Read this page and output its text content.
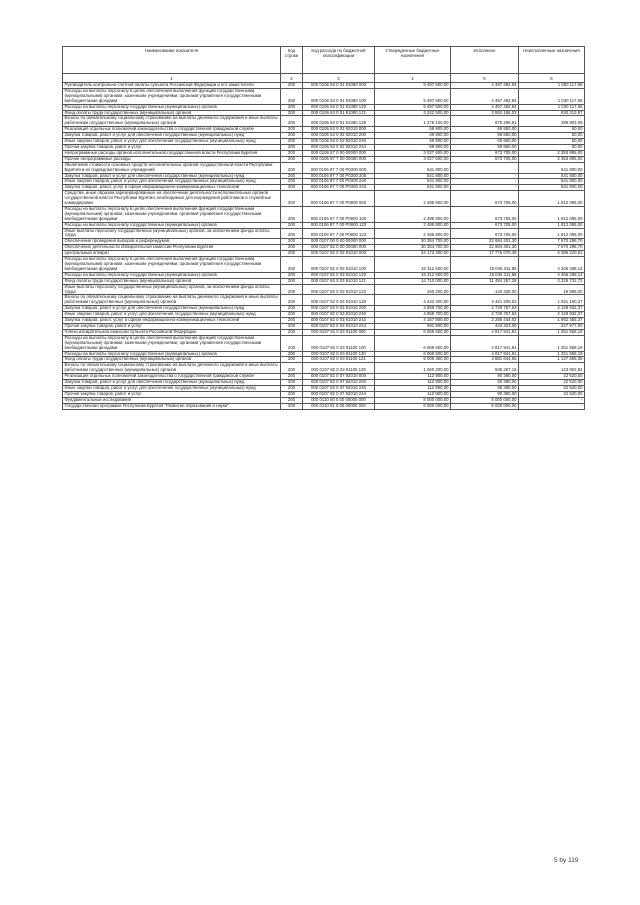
Наименование показателя	Код строки	Код расхода по бюджетной классификации	Утвержденные бюджетные назначения	Исполнено	Неисполненные назначения
1	2	3	4	5	6
Руководитель контрольно-счетной палаты субъекта Российской Федерации и его заместители	200	000 0106 63 0 01 91080 000	5 497 600,00	4 487 482,94	1 050 117,06
Расходы на выплаты персоналу в целях обеспечения выполнения функций государственными (муниципальными) органами, казенными учреждениями, органами управления государственными внебюджетными фондами	200	000 0106 63 0 01 91080 100	5 497 600,00	4 467 482,94	1 030 117,06
Расходы на выплаты персоналу государственных (муниципальных) органов	200	000 0106 63 0 01 91080 120	5 497 600,00	4 467 482,94	1 030 117,06
Фонд оплаты труда государственных (муниципальных) органов	200	000 0106 63 0 01 91080 121	4 222 500,00	3 592 186,03	630 313,97
Взносы по обязательному социальному страхованию на выплаты денежного содержания и иные выплаты работникам государственных (муниципальных) органов	200	000 0106 63 0 01 91080 129	1 275 100,00	875 296,91	399 803,09
Реализация отдельных полномочий законодательства о государственной гражданской службе	200	000 0106 63 0 02 92010 000	69 900,00	69 850,00	50,00
Закупка товаров, работ и услуг для обеспечения государственных (муниципальных) нужд	200	000 0106 63 0 02 92010 200	69 900,00	69 850,00	50,00
Иные закупки товаров, работ и услуг для обеспечения государственных (муниципальных) нужд	200	000 0106 63 0 02 92010 240	69 900,00	69 850,00	50,00
Прочая закупка товаров, работ и услуг	200	000 0106 63 0 02 92010 244	69 900,00	69 850,00	50,00
Непрограммные расходы органов исполнительной государственной власти Республики Бурятия	200	000 0106 87 0 00 00000 000	3 027 600,00	673 705,00	2 353 895,00
Прочие непрограммные расходы	200	000 0106 87 7 00 00000 000	3 027 600,00	673 705,00	2 353 895,00
Увеличение стоимости основных средств исполнительных органов государственной власти Республики Бурятия и их подведомственных учреждений	200	000 0106 87 7 00 P0300 000	541 800,00	-	541 800,00
Закупка товаров, работ и услуг для обеспечения государственных (муниципальных) нужд	200	000 0106 87 7 00 P0300 200	541 800,00	-	541 800,00
Иные закупки товаров, работ и услуг для обеспечения государственных (муниципальных) нужд	200	000 0106 87 7 00 P0300 240	541 800,00	-	541 800,00
Закупка товаров, работ, услуг в сфере информационно-коммуникационных технологий	200	000 0106 87 7 00 P0300 242	541 800,00	-	541 800,00
Средства, иные образом зарезервированные на обеспечение деятельности исполнительных органов государственной власти Республики Бурятия, необходимые для награждения работников и служебные командировки	200	000 0106 87 7 00 P0900 000	2 485 800,00	673 705,00	1 812 095,00
Расходы на выплаты персоналу в целях обеспечения выполнения функций государственными (муниципальными) органами, казенными учреждениями, органами управления государственными внебюджетными фондами	200	000 0106 87 7 00 P0900 100	2 485 800,00	673 705,00	1 812 095,00
Расходы на выплаты персоналу государственных (муниципальных) органов	200	000 0106 87 7 00 P0900 120	2 485 800,00	673 705,00	1 812 095,00
Иные выплаты персоналу государственных (муниципальных) органов, за исключением фонда оплаты труда	200	000 0106 87 7 00 P0900 122	2 485 800,00	673 705,00	1 812 095,00
Обеспечение проведения выборов и референдумов	200	000 0107 00 0 00 00000 000	30 354 700,00	22 684 401,30	7 670 298,70
Обеспечение деятельности Избирательной комиссии Республики Бурятия	200	000 0107 82 0 00 00000 000	30 354 700,00	22 684 401,30	7 670 298,70
Центральный аппарат	200	000 0107 82 0 03 91010 000	24 173 300,00	17 776 079,49	6 396 220,51
Расходы на выплаты персоналу в целях обеспечения выполнения функций государственными (муниципальными) органами, казенными учреждениями, органами управления государственными внебюджетными фондами	200	000 0107 82 0 03 91010 100	19 312 600,00	15 046 311,86	4 266 288,14
Расходы на выплаты персоналу государственных (муниципальных) органов	200	000 0107 82 0 03 91010 120	19 312 600,00	15 046 311,86	4 266 288,14
Фонд оплаты труда государственных (муниципальных) органов	200	000 0107 82 0 03 91010 121	14 710 000,00	11 484 267,28	3 225 732,72
Иные выплаты персоналу государственных (муниципальных) органов, за исключением фонда оплаты труда	200	000 0107 82 0 03 91010 122	160 200,00	140 335,00	19 865,00
Взносы по обязательному социальному страхованию на выплаты денежного содержания и иные выплаты работникам государственных (муниципальных) органов	200	000 0107 82 0 03 91010 129	4 442 400,00	3 421 209,63	1 021 190,37
Закупка товаров, работ и услуг для обеспечения государственных (муниципальных) нужд	200	000 0107 82 0 03 91010 200	4 859 700,00	2 729 767,63	2 129 932,37
Иные закупки товаров, работ и услуг для обеспечения государственных (муниципальных) нужд	200	000 0107 82 0 03 91010 240	4 859 700,00	2 729 767,63	2 129 932,37
Закупка товаров, работ, услуг в сфере информационно-коммуникационных технологий	200	000 0107 82 0 03 91010 242	4 167 800,00	2 285 444,02	1 882 355,37
Прочая закупка товаров, работ и услуг	200	000 0107 82 0 03 91010 244	691 900,00	444 323,00	247 577,00
Члены избирательной комиссии субъекта Российской Федерации	200	000 0107 82 0 03 91100 000	6 069 500,00	4 817 941,81	1 251 558,19
Расходы на выплаты персоналу в целях обеспечения выполнения функций государственными (муниципальными) органами, казенными учреждениями, органами управления государственными внебюджетными фондами	200	000 0107 82 0 03 91100 100	6 069 500,00	4 817 941,81	1 251 558,19
Расходы на выплаты персоналу государственных (муниципальных) органов	200	000 0107 82 0 03 91100 120	6 069 500,00	4 817 941,81	1 251 558,19
Фонд оплаты труда государственных (муниципальных) органов	200	000 0107 82 0 03 91100 121	5 009 300,00	3 881 644,65	1 127 655,35
Взносы по обязательному социальному страхованию на выплаты денежного содержания и иные выплаты работникам государственных (муниципальных) органов	200	000 0107 82 0 03 91100 129	1 060 200,00	936 297,16	123 902,84
Реализация отдельных полномочий законодательства о государственной гражданской службе	200	000 0107 82 0 07 92010 000	112 900,00	90 380,00	22 520,00
Закупка товаров, работ и услуг для обеспечения государственных (муниципальных) нужд	200	000 0107 82 0 07 92010 200	112 900,00	90 380,00	22 520,00
Иные закупки товаров, работ и услуг для обеспечения государственных (муниципальных) нужд	200	000 0107 82 0 07 92010 240	112 900,00	90 380,00	22 520,00
Прочая закупка товаров, работ и услуг	200	000 0107 82 0 07 92010 244	112 900,00	90 380,00	22 520,00
Фундаментальные исследования	200	000 0110 00 0 00 00000 000	8 000 000,00	8 000 000,00	-
Государственная программа Республики Бурятия "Развитие образования и науки"	200	000 0110 01 0 00 00000 000	6 000 000,00	6 000 000,00	-
5 by 119
